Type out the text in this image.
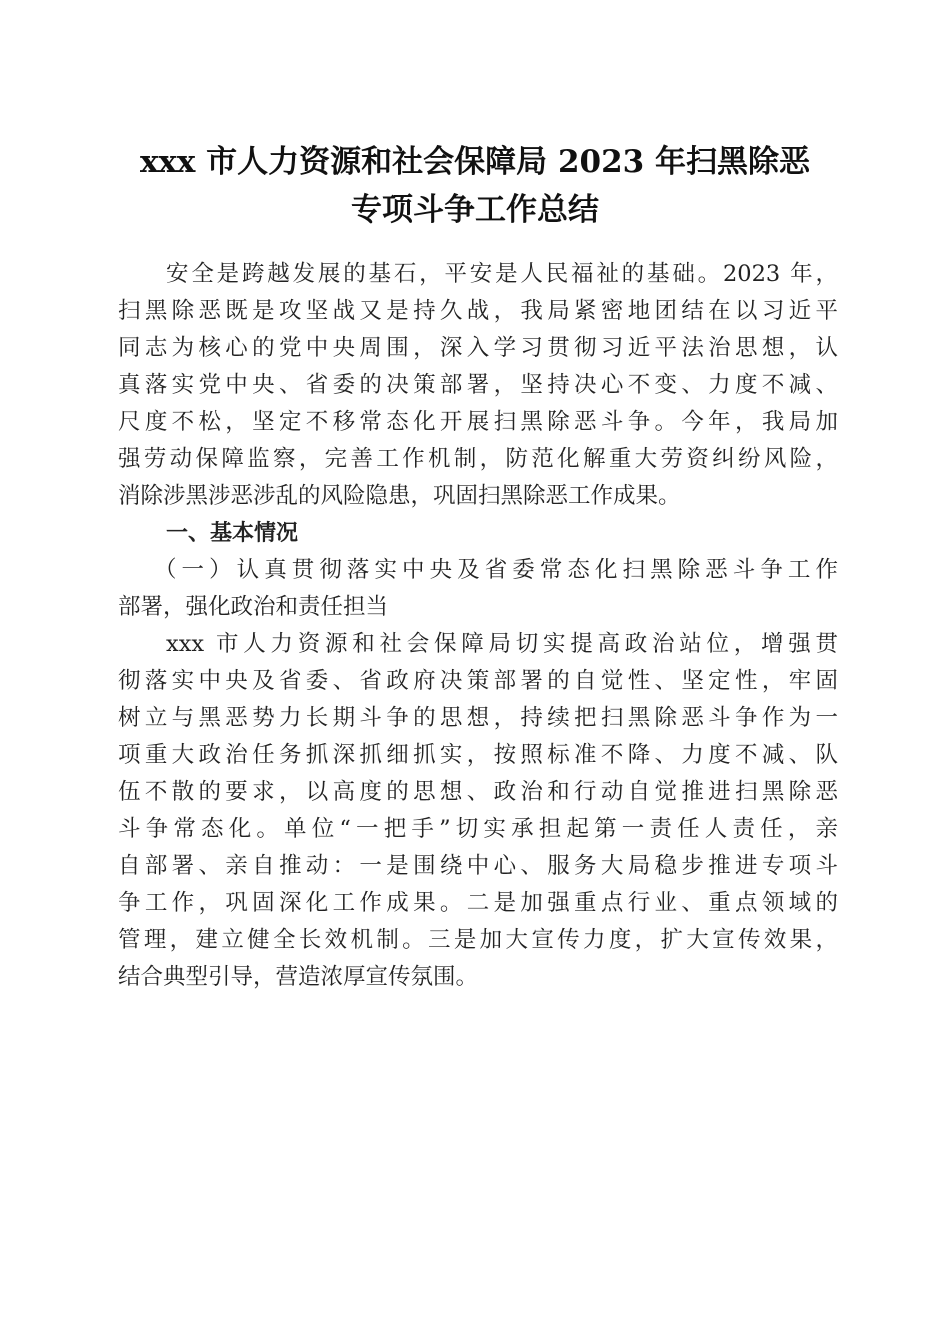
xxx 市人力资源和社会保障局 2023 年扫黑除恶
专项斗争工作总结
安全是跨越发展的基石，平安是人民福祉的基础。2023 年，
扫黑除恶既是攻坚战又是持久战，我局紧密地团结在以习近平
同志为核心的党中央周围，深入学习贯彻习近平法治思想，认
真落实党中央、省委的决策部署，坚持决心不变、力度不减、
尺度不松，坚定不移常态化开展扫黑除恶斗争。今年，我局加
强劳动保障监察，完善工作机制，防范化解重大劳资纠纷风险，
消除涉黑涉恶涉乱的风险隐患，巩固扫黑除恶工作成果。
一、基本情况
（一）认真贯彻落实中央及省委常态化扫黑除恶斗争工作
部署，强化政治和责任担当
xxx 市人力资源和社会保障局切实提高政治站位，增强贯
彻落实中央及省委、省政府决策部署的自觉性、坚定性，牢固
树立与黑恶势力长期斗争的思想，持续把扫黑除恶斗争作为一
项重大政治任务抓深抓细抓实，按照标准不降、力度不减、队
伍不散的要求，以高度的思想、政治和行动自觉推进扫黑除恶
斗争常态化。单位“一把手”切实承担起第一责任人责任，亲
自部署、亲自推动：一是围绕中心、服务大局稳步推进专项斗
争工作，巩固深化工作成果。二是加强重点行业、重点领域的
管理，建立健全长效机制。三是加大宣传力度，扩大宣传效果，
结合典型引导，营造浓厚宣传氛围。
